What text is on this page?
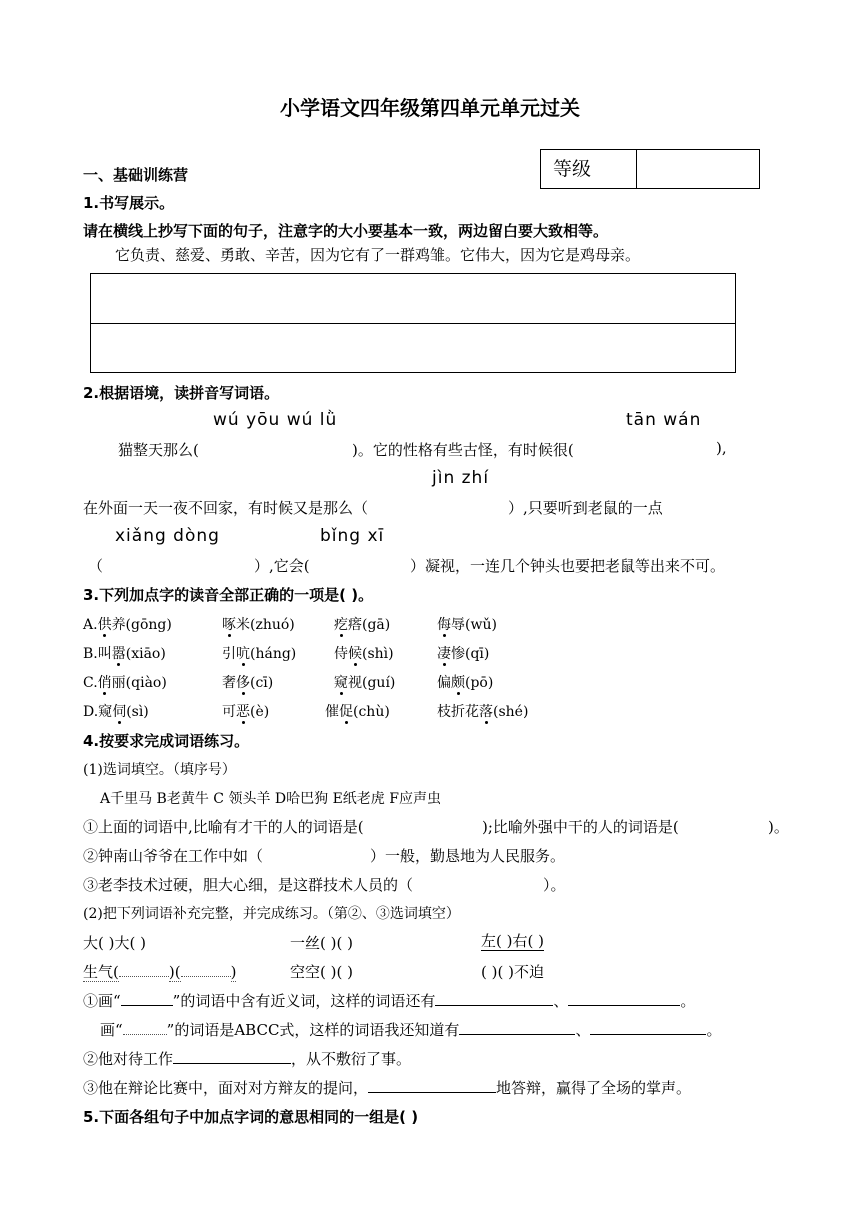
小学语文四年级第四单元单元过关
等级
一、基础训练营
1.书写展示。
请在横线上抄写下面的句子，注意字的大小要基本一致，两边留白要大致相等。
它负责、慈爱、勇敢、辛苦，因为它有了一群鸡雏。它伟大，因为它是鸡母亲。
2.根据语境，读拼音写词语。
wú yōu wú lǜ	tān wán
猫整天那么(	)。它的性格有些古怪，有时候很(	),
jìn zhí
在外面一天一夜不回家，有时候又是那么（	）,只要听到老鼠的一点
xiǎng dòng	bǐng xī
（	）,它会(	）凝视，一连几个钟头也要把老鼠等出来不可。
3.下列加点字的读音全部正确的一项是( )。
A.供养(gōng)	啄米(zhuó)	疙瘩(gā)	侮辱(wǔ)
B.叫嚣(xiāo)	引吭(háng)	侍候(shì)	凄惨(qī)
C.俏丽(qiào)	奢侈(cī)	窥视(guí)	偏颇(pō)
D.窥伺(sì)	可恶(è)	催促(chù)	枝折花落(shé)
4.按要求完成词语练习。
(1)选词填空。（填序号）
A千里马 B老黄牛 C 领头羊 D哈巴狗 E纸老虎 F应声虫
①上面的词语中,比喻有才干的人的词语是(	);比喻外强中干的人的词语是(	)。
②钟南山爷爷在工作中如（	）一般，勤恳地为人民服务。
③老李技术过硬，胆大心细，是这群技术人员的（	）。
(2)把下列词语补充完整，并完成练习。（第②、③选词填空）
大( )大( )	一丝( )( )	左( )右( )
生气(	)(	)	空空( )( )	( )( )不迫
①画“	”的词语中含有近义词，这样的词语还有	、	。
画“	”的词语是ABCC式，这样的词语我还知道有	、	。
②他对待工作	，从不敷衍了事。
③他在辩论比赛中，面对对方辩友的提问，	地答辩，赢得了全场的掌声。
5.下面各组句子中加点字词的意思相同的一组是( )
